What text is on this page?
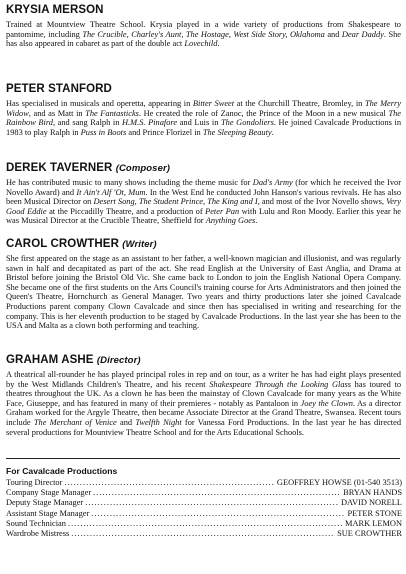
KRYSIA MERSON

Trained at Mountview Theatre School. Krysia played in a wide variety of productions from Shakespeare to pantomime, including The Crucible, Charley's Aunt, The Hostage, West Side Story, Oklahoma and Dear Daddy. She has also appeared in cabaret as part of the double act Lovechild.

PETER STANFORD

Has specialised in musicals and operetta, appearing in Bitter Sweet at the Churchill Theatre, Bromley, in The Merry Widow, and as Matt in The Fantasticks. He created the role of Zanoc, the Prince of the Moon in a new musical The Rainbow Bird, and sang Ralph in H.M.S. Pinafore and Luis in The Gondoliers. He joined Cavalcade Productions in 1983 to play Ralph in Puss in Boots and Prince Florizel in The Sleeping Beauty.

DEREK TAVERNER (Composer)

He has contributed music to many shows including the theme music for Dad's Army (for which he received the Ivor Novello Award) and It Ain't Alf 'Ot, Mum. In the West End he conducted John Hanson's various revivals. He has also been Musical Director on Desert Song, The Student Prince, The King and I, and most of the Ivor Novello shows, Very Good Eddie at the Piccadilly Theatre, and a production of Peter Pan with Lulu and Ron Moody. Earlier this year he was Musical Director at the Crucible Theatre, Sheffield for Anything Goes.

CAROL CROWTHER (Writer)

She first appeared on the stage as an assistant to her father, a well-known magician and illusionist, and was regularly sawn in half and decapitated as part of the act. She read English at the University of East Anglia, and Drama at Bristol before joining the Bristol Old Vic. She came back to London to join the English National Opera Company. She became one of the first students on the Arts Council's training course for Arts Administrators and then joined the Queen's Theatre, Hornchurch as General Manager. Two years and thirty productions later she joined Cavalcade Productions parent company Clown Cavalcade and since then has specialised in writing and researching for the company. This is her eleventh production to be staged by Cavalcade Productions. In the last year she has been to the USA and Malta as a clown both performing and teaching.

GRAHAM ASHE (Director)

A theatrical all-rounder he has played principal roles in rep and on tour, as a writer he has had eight plays presented by the West Midlands Children's Theatre, and his recent Shakespeare Through the Looking Glass has toured to theatres throughout the UK. As a clown he has been the mainstay of Clown Cavalcade for many years as the White Face, Giuseppe, and has featured in many of their premieres - notably as Pantaloon in Joey the Clown. As a director Graham worked for the Argyle Theatre, then became Associate Director at the Grand Theatre, Swansea. Recent tours include The Merchant of Venice and Twelfth Night for Vanessa Ford Productions. In the last year he has directed several productions for Mountview Theatre School and for the Arts Educational Schools.

For Cavalcade Productions
Touring Director .....	GEOFFREY HOWSE (01-540 3513)
Company Stage Manager .....	BRYAN HANDS
Deputy Stage Manager .....	DAVID NORELL
Assistant Stage Manager .....	PETER STONE
Sound Technician .....	MARK LEMON
Wardrobe Mistress .....	SUE CROWTHER
